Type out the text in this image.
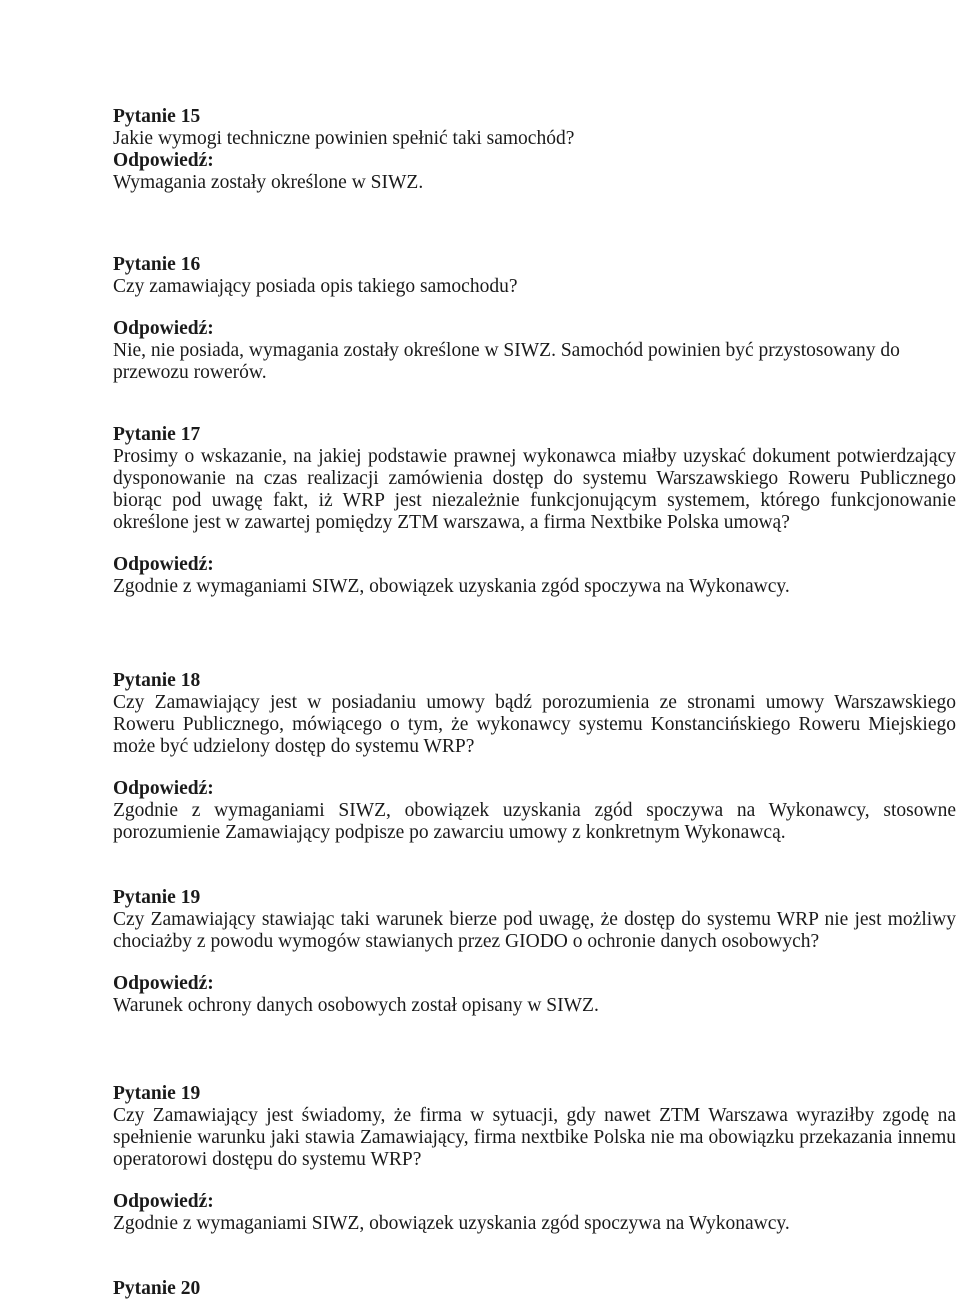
Pytanie 15

Jakie wymogi techniczne powinien spełnić taki samochód?

Odpowiedź:

Wymagania zostały określone w SIWZ.

Pytanie 16

Czy zamawiający posiada opis takiego samochodu?

Odpowiedź:

Nie, nie posiada, wymagania zostały określone w SIWZ. Samochód powinien być przystosowany do przewozu rowerów.

Pytanie 17

Prosimy o wskazanie, na jakiej podstawie prawnej wykonawca miałby uzyskać dokument potwierdzający dysponowanie na czas realizacji zamówienia dostęp do systemu Warszawskiego Roweru Publicznego biorąc pod uwagę fakt, iż WRP jest niezależnie funkcjonującym systemem, którego funkcjonowanie określone jest w zawartej pomiędzy ZTM warszawa, a firma Nextbike Polska umową?

Odpowiedź:

Zgodnie z wymaganiami SIWZ, obowiązek uzyskania zgód spoczywa na Wykonawcy.

Pytanie 18

Czy Zamawiający jest w posiadaniu umowy bądź porozumienia ze stronami umowy Warszawskiego Roweru Publicznego, mówiącego o tym, że wykonawcy systemu Konstancińskiego Roweru Miejskiego może być udzielony dostęp do systemu WRP?

Odpowiedź:

Zgodnie z wymaganiami SIWZ, obowiązek uzyskania zgód spoczywa na Wykonawcy, stosowne porozumienie Zamawiający podpisze po zawarciu umowy z konkretnym Wykonawcą.

Pytanie 19

Czy Zamawiający stawiając taki warunek bierze pod uwagę, że dostęp do systemu WRP nie jest możliwy chociażby z powodu wymogów stawianych przez GIODO o ochronie danych osobowych?

Odpowiedź:

Warunek ochrony danych osobowych został opisany w SIWZ.

Pytanie 19

Czy Zamawiający jest świadomy, że firma w sytuacji, gdy nawet ZTM Warszawa wyraziłby zgodę na spełnienie warunku jaki stawia Zamawiający, firma nextbike Polska nie ma obowiązku przekazania innemu operatorowi dostępu do systemu WRP?

Odpowiedź:

Zgodnie z wymaganiami SIWZ, obowiązek uzyskania zgód spoczywa na Wykonawcy.

Pytanie 20
